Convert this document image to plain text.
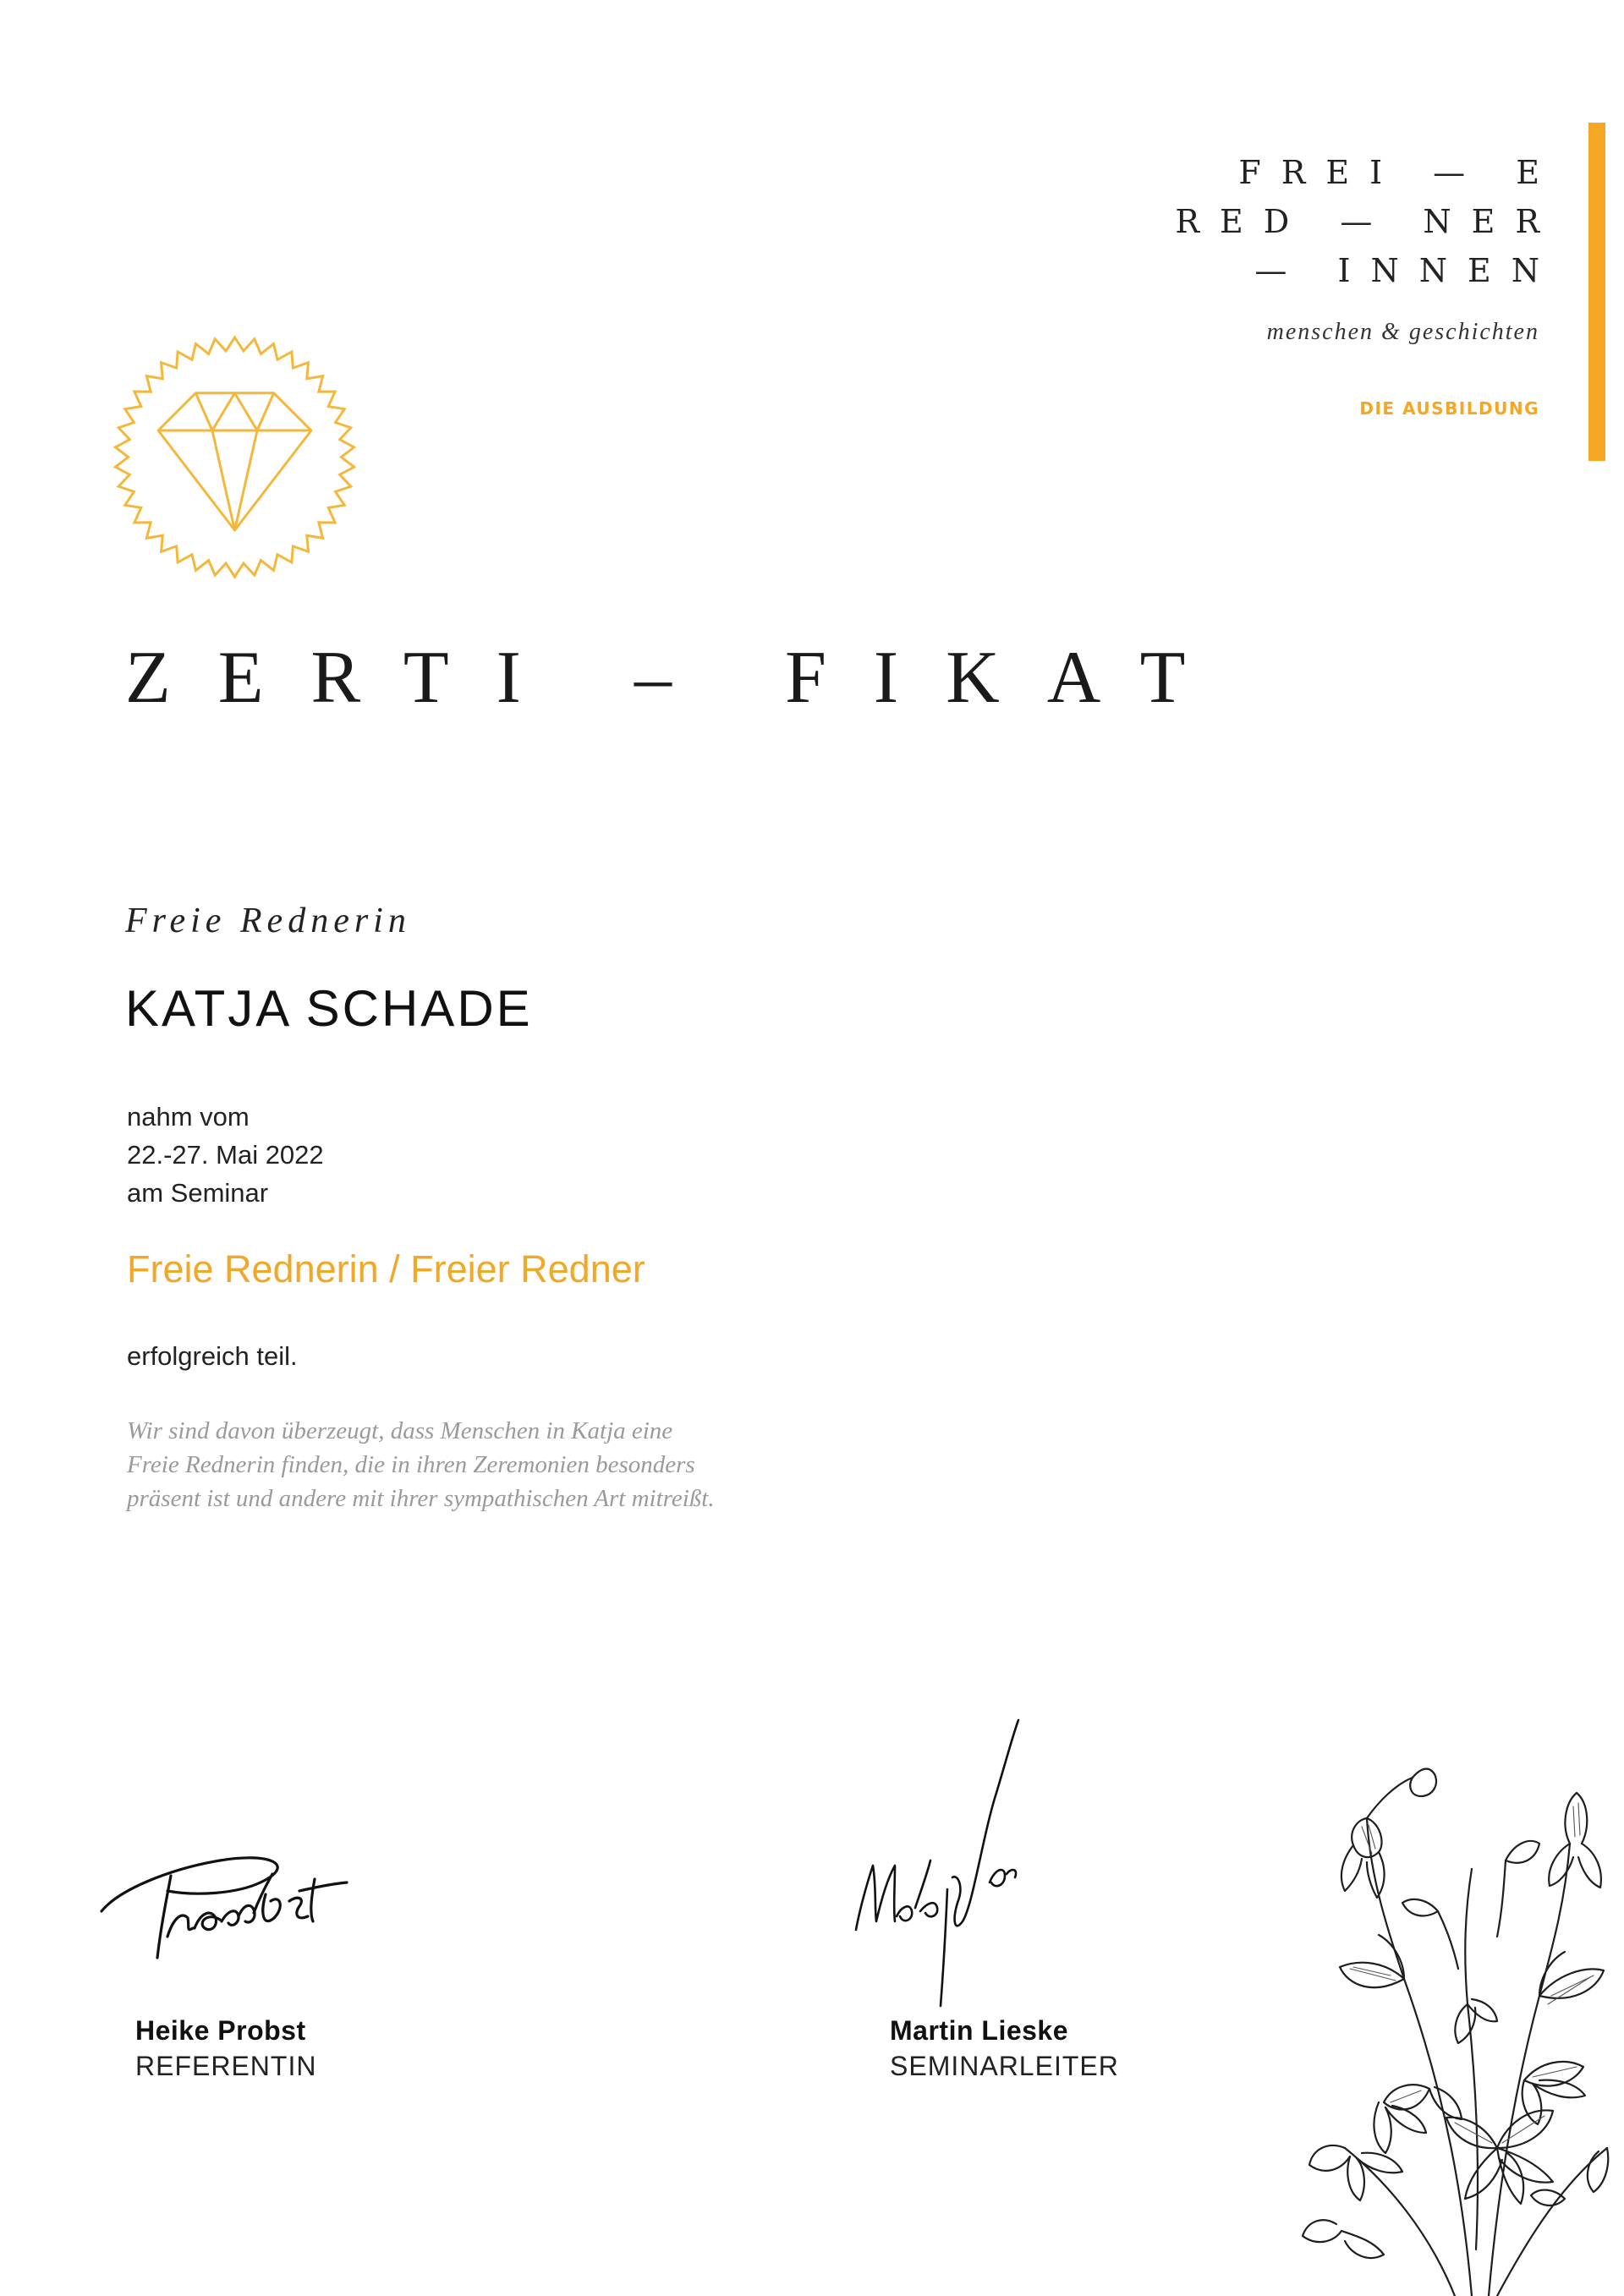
FREI — E
RED — NER
— INNEN
menschen & geschichten
DIE AUSBILDUNG
ZERTI – FIKAT
Freie Rednerin
KATJA SCHADE
nahm vom
22.-27. Mai 2022
am Seminar
Freie Rednerin / Freier Redner
erfolgreich teil.
Wir sind davon überzeugt, dass Menschen in Katja eine
Freie Rednerin finden, die in ihren Zeremonien besonders
präsent ist und andere mit ihrer sympathischen Art mitreißt.
Heike Probst
REFERENTIN
Martin Lieske
SEMINARLEITER
